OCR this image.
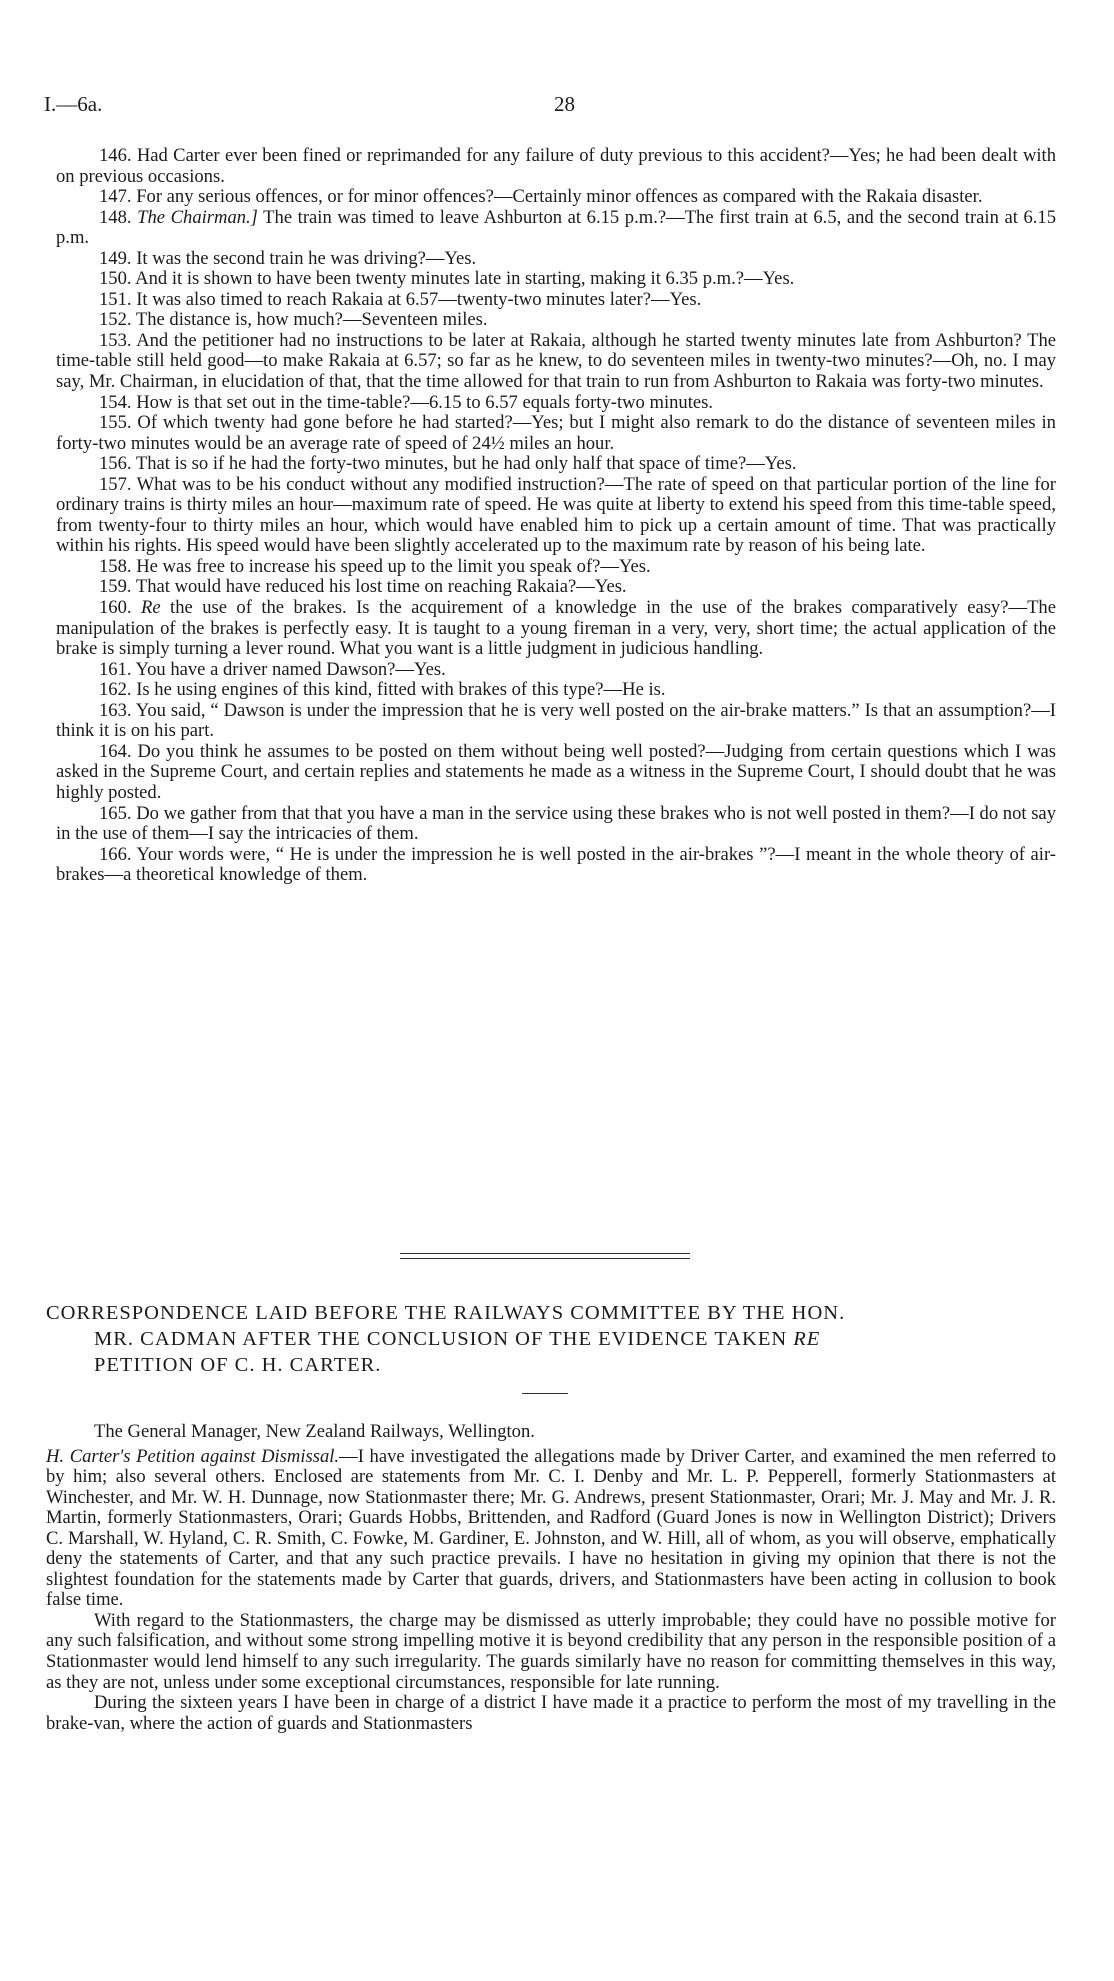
I.—6a.	28

146. Had Carter ever been fined or reprimanded for any failure of duty previous to this accident?—Yes; he had been dealt with on previous occasions.

147. For any serious offences, or for minor offences?—Certainly minor offences as compared with the Rakaia disaster.

148. The Chairman.] The train was timed to leave Ashburton at 6.15 p.m.?—The first train at 6.5, and the second train at 6.15 p.m.

149. It was the second train he was driving?—Yes.

150. And it is shown to have been twenty minutes late in starting, making it 6.35 p.m.?—Yes.

151. It was also timed to reach Rakaia at 6.57—twenty-two minutes later?—Yes.

152. The distance is, how much?—Seventeen miles.

153. And the petitioner had no instructions to be later at Rakaia, although he started twenty minutes late from Ashburton? The time-table still held good—to make Rakaia at 6.57; so far as he knew, to do seventeen miles in twenty-two minutes?—Oh, no. I may say, Mr. Chairman, in elucidation of that, that the time allowed for that train to run from Ashburton to Rakaia was forty-two minutes.

154. How is that set out in the time-table?—6.15 to 6.57 equals forty-two minutes.

155. Of which twenty had gone before he had started?—Yes; but I might also remark to do the distance of seventeen miles in forty-two minutes would be an average rate of speed of 24½ miles an hour.

156. That is so if he had the forty-two minutes, but he had only half that space of time?—Yes.

157. What was to be his conduct without any modified instruction?—The rate of speed on that particular portion of the line for ordinary trains is thirty miles an hour—maximum rate of speed. He was quite at liberty to extend his speed from this time-table speed, from twenty-four to thirty miles an hour, which would have enabled him to pick up a certain amount of time. That was practically within his rights. His speed would have been slightly accelerated up to the maximum rate by reason of his being late.

158. He was free to increase his speed up to the limit you speak of?—Yes.

159. That would have reduced his lost time on reaching Rakaia?—Yes.

160. Re the use of the brakes. Is the acquirement of a knowledge in the use of the brakes comparatively easy?—The manipulation of the brakes is perfectly easy. It is taught to a young fireman in a very, very, short time; the actual application of the brake is simply turning a lever round. What you want is a little judgment in judicious handling.

161. You have a driver named Dawson?—Yes.

162. Is he using engines of this kind, fitted with brakes of this type?—He is.

163. You said, “ Dawson is under the impression that he is very well posted on the air-brake matters.” Is that an assumption?—I think it is on his part.

164. Do you think he assumes to be posted on them without being well posted?—Judging from certain questions which I was asked in the Supreme Court, and certain replies and statements he made as a witness in the Supreme Court, I should doubt that he was highly posted.

165. Do we gather from that that you have a man in the service using these brakes who is not well posted in them?—I do not say in the use of them—I say the intricacies of them.

166. Your words were, “ He is under the impression he is well posted in the air-brakes ”?—I meant in the whole theory of air-brakes—a theoretical knowledge of them.

CORRESPONDENCE LAID BEFORE THE RAILWAYS COMMITTEE BY THE HON.
MR. CADMAN AFTER THE CONCLUSION OF THE EVIDENCE TAKEN RE
PETITION OF C. H. CARTER.

The General Manager, New Zealand Railways, Wellington.

H. Carter's Petition against Dismissal.—I have investigated the allegations made by Driver Carter, and examined the men referred to by him; also several others. Enclosed are statements from Mr. C. I. Denby and Mr. L. P. Pepperell, formerly Stationmasters at Winchester, and Mr. W. H. Dunnage, now Stationmaster there; Mr. G. Andrews, present Stationmaster, Orari; Mr. J. May and Mr. J. R. Martin, formerly Stationmasters, Orari; Guards Hobbs, Brittenden, and Radford (Guard Jones is now in Wellington District); Drivers C. Marshall, W. Hyland, C. R. Smith, C. Fowke, M. Gardiner, E. Johnston, and W. Hill, all of whom, as you will observe, emphatically deny the statements of Carter, and that any such practice prevails. I have no hesitation in giving my opinion that there is not the slightest foundation for the statements made by Carter that guards, drivers, and Stationmasters have been acting in collusion to book false time.

With regard to the Stationmasters, the charge may be dismissed as utterly improbable; they could have no possible motive for any such falsification, and without some strong impelling motive it is beyond credibility that any person in the responsible position of a Stationmaster would lend himself to any such irregularity. The guards similarly have no reason for committing themselves in this way, as they are not, unless under some exceptional circumstances, responsible for late running.

During the sixteen years I have been in charge of a district I have made it a practice to perform the most of my travelling in the brake-van, where the action of guards and Stationmasters
